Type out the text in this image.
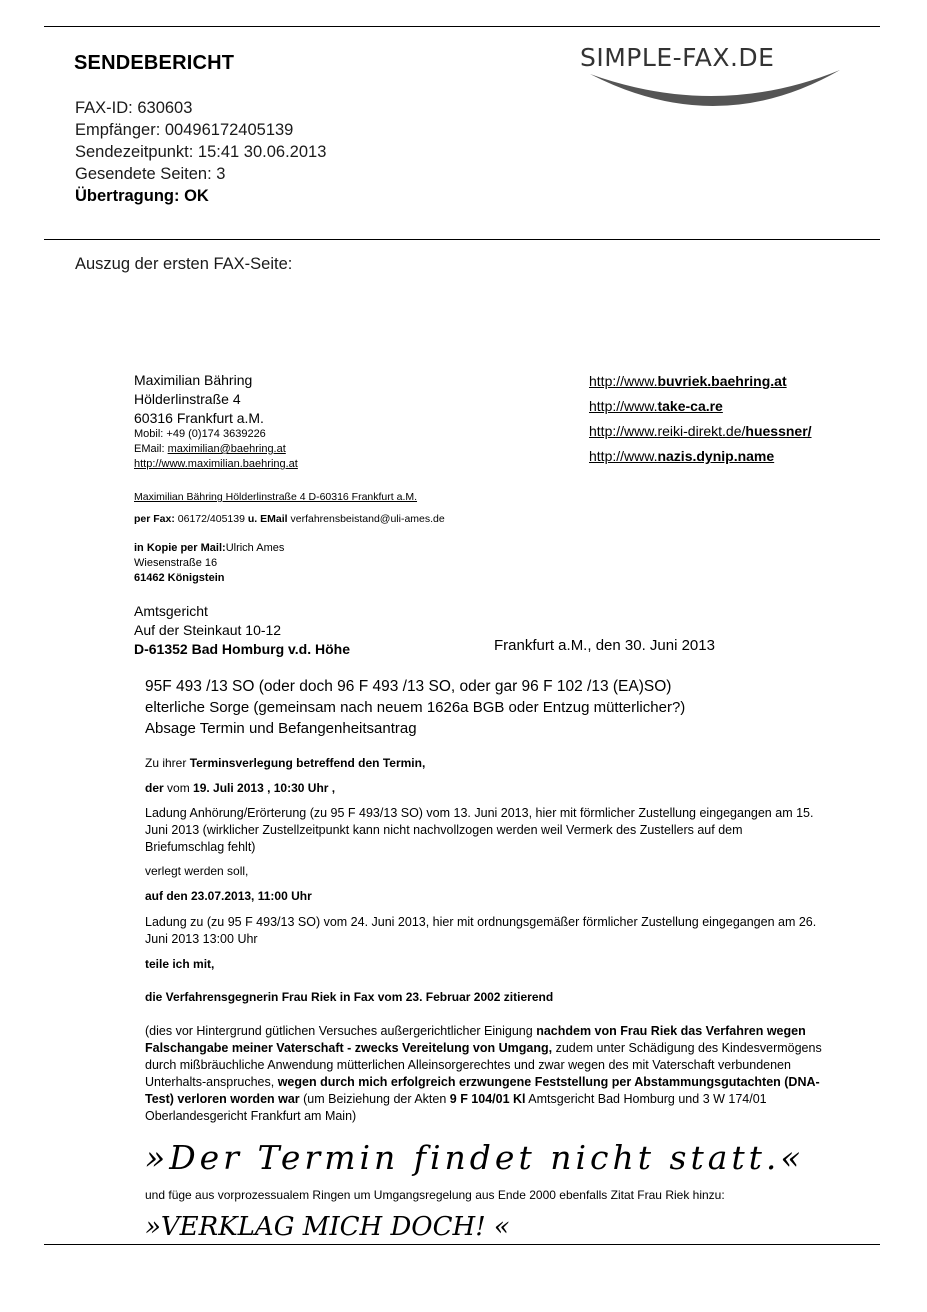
SENDEBERICHT	SIMPLE-FAX.DE
FAX-ID: 630603
Empfänger: 00496172405139
Sendezeitpunkt: 15:41 30.06.2013
Gesendete Seiten: 3
Übertragung: OK
Auszug der ersten FAX-Seite:
Maximilian Bähring
Hölderlinstraße 4
60316 Frankfurt a.M.
Mobil: +49 (0)174 3639226
EMail: maximilian@baehring.at
http://www.maximilian.baehring.at
http://www.buvriek.baehring.at
http://www.take-ca.re
http://www.reiki-direkt.de/huessner/
http://www.nazis.dynip.name
Maximilian Bähring Hölderlinstraße 4 D-60316 Frankfurt a.M.
per Fax: 06172/405139 u. EMail verfahrensbeistand@uli-ames.de
in Kopie per Mail:Ulrich Ames
Wiesenstraße 16
61462 Königstein
Amtsgericht
Auf der Steinkaut 10-12
D-61352 Bad Homburg v.d. Höhe	Frankfurt a.M., den 30. Juni 2013
95F 493 /13 SO (oder doch 96 F 493 /13 SO, oder gar 96 F 102 /13 (EA)SO)
elterliche Sorge (gemeinsam nach neuem 1626a BGB oder Entzug mütterlicher?)
Absage Termin und Befangenheitsantrag
Zu ihrer Terminsverlegung betreffend den Termin,
der vom 19. Juli 2013 , 10:30 Uhr ,
Ladung Anhörung/Erörterung (zu 95 F 493/13 SO) vom 13. Juni 2013, hier mit förmlicher Zustellung eingegangen am 15. Juni 2013 (wirklicher Zustellzeitpunkt kann nicht nachvollzogen werden weil Vermerk des Zustellers auf dem Briefumschlag fehlt)
verlegt werden soll,
auf den 23.07.2013, 11:00 Uhr
Ladung zu (zu 95 F 493/13 SO) vom 24. Juni 2013, hier mit ordnungsgemäßer förmlicher Zustellung eingegangen am 26. Juni 2013 13:00 Uhr
teile ich mit,
die Verfahrensgegnerin Frau Riek in Fax vom 23. Februar 2002 zitierend
(dies vor Hintergrund gütlichen Versuches außergerichtlicher Einigung nachdem von Frau Riek das Verfahren wegen Falschangabe meiner Vaterschaft - zwecks Vereitelung von Umgang, zudem unter Schädigung des Kindesvermögens durch mißbräuchliche Anwendung mütterlichen Alleinsorgerechtes und zwar wegen des mit Vaterschaft verbundenen Unterhalts-anspruches, wegen durch mich erfolgreich erzwungene Feststellung per Abstammungsgutachten (DNA-Test) verloren worden war (um Beiziehung der Akten 9 F 104/01 Kl Amtsgericht Bad Homburg und 3 W 174/01 Oberlandesgericht Frankfurt am Main)
»Der Termin findet nicht statt.«
und füge aus vorprozessualem Ringen um Umgangsregelung aus Ende 2000 ebenfalls Zitat Frau Riek hinzu:
»VERKLAG MICH DOCH! «
